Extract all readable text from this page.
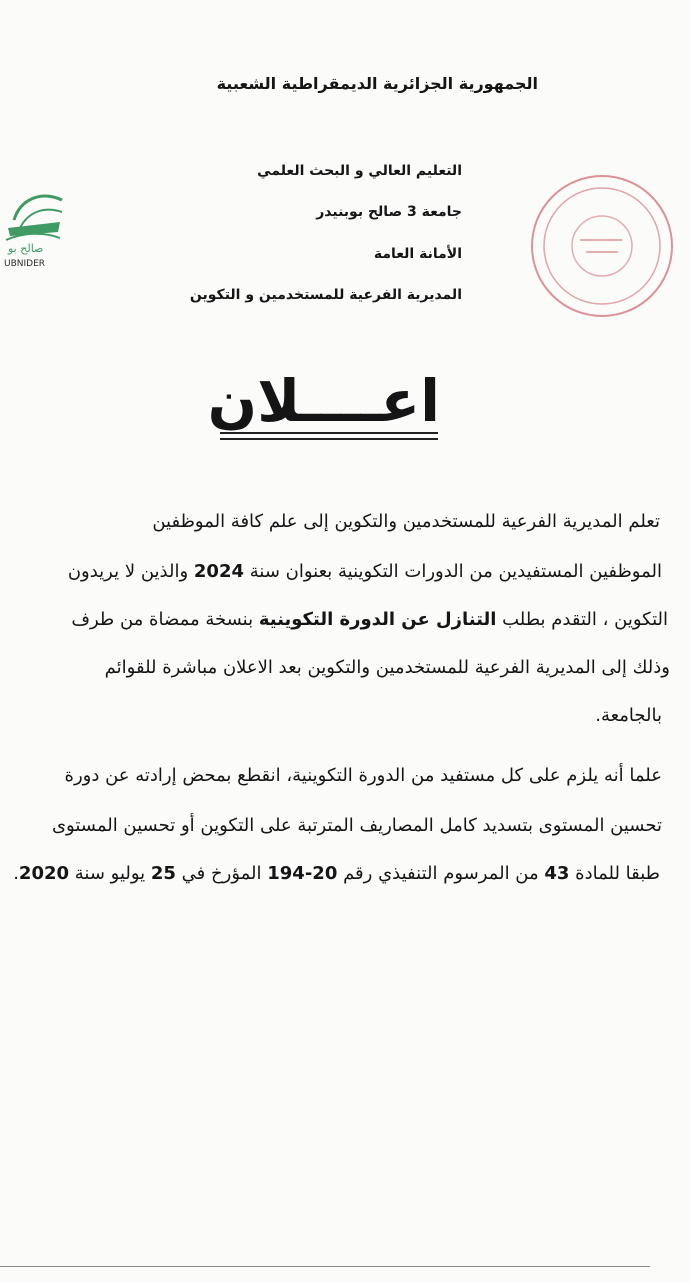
الجمهورية الجزائرية الديمقراطية الشعبية
التعليم العالي و البحث العلمي
جامعة 3 صالح بوبنيدر
الأمانة العامة
المديرية الفرعية للمستخدمين و التكوين
صالح بو
UBNIDER
اعــــلان
تعلم المديرية الفرعية للمستخدمين والتكوين إلى علم كافة الموظفين
الموظفين المستفيدين من الدورات التكوينية بعنوان سنة 2024 والذين لا يريدون
التكوين ، التقدم بطلب التنازل عن الدورة التكوينية بنسخة ممضاة من طرف
وذلك إلى المديرية الفرعية للمستخدمين والتكوين بعد الاعلان مباشرة للقوائم
بالجامعة.
علما أنه يلزم على كل مستفيد من الدورة التكوينية، انقطع بمحض إرادته عن دورة
تحسين المستوى بتسديد كامل المصاريف المترتبة على التكوين أو تحسين المستوى
طبقا للمادة 43 من المرسوم التنفيذي رقم 20-194 المؤرخ في 25 يوليو سنة 2020.
